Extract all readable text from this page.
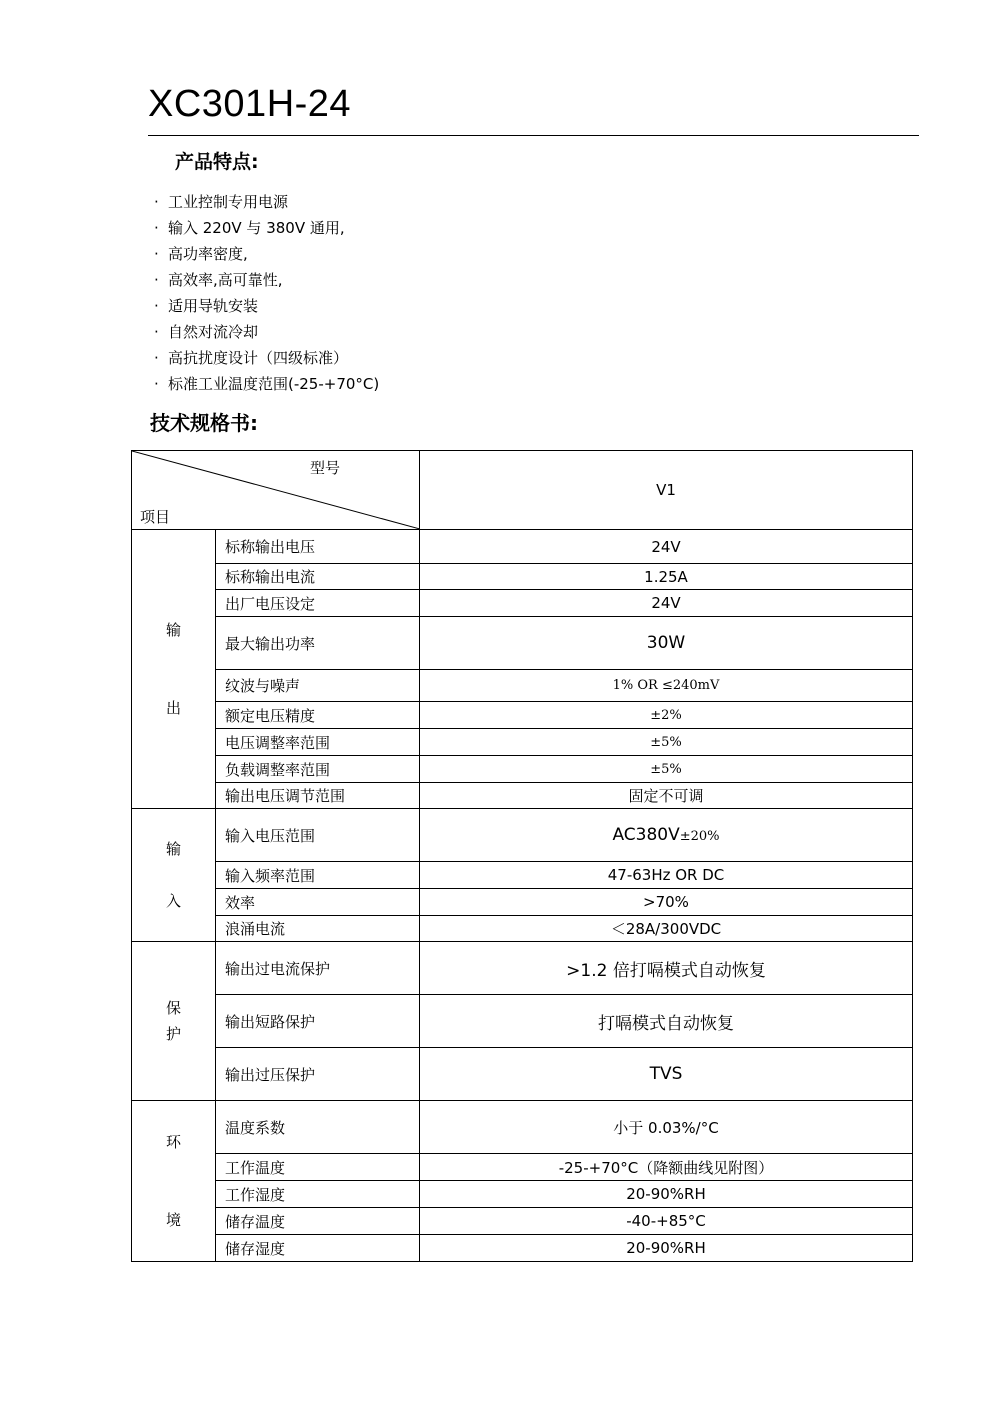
XC301H-24
产品特点:
· 工业控制专用电源
· 输入 220V 与 380V 通用,
· 高功率密度,
· 高效率,高可靠性,
· 适用导轨安装
· 自然对流冷却
· 高抗扰度设计（四级标准）
· 标准工业温度范围(-25-+70°C)
技术规格书:
型号
项目		V1

输
出	标称输出电压	24V
	标称输出电流	1.25A
	出厂电压设定	24V
	最大输出功率	30W
	纹波与噪声	1% OR ≤240mV
	额定电压精度	±2%
	电压调整率范围	±5%
	负载调整率范围	±5%
	输出电压调节范围	固定不可调

输
入	输入电压范围	AC380V±20%
	输入频率范围	47-63Hz OR DC
	效率	>70%
	浪涌电流	＜28A/300VDC

保
护	输出过电流保护	>1.2 倍打嗝模式自动恢复
	输出短路保护	打嗝模式自动恢复
	输出过压保护	TVS

环
境	温度系数	小于 0.03%/°C
	工作温度	-25-+70°C（降额曲线见附图）
	工作湿度	20-90%RH
	储存温度	-40-+85°C
	储存湿度	20-90%RH
